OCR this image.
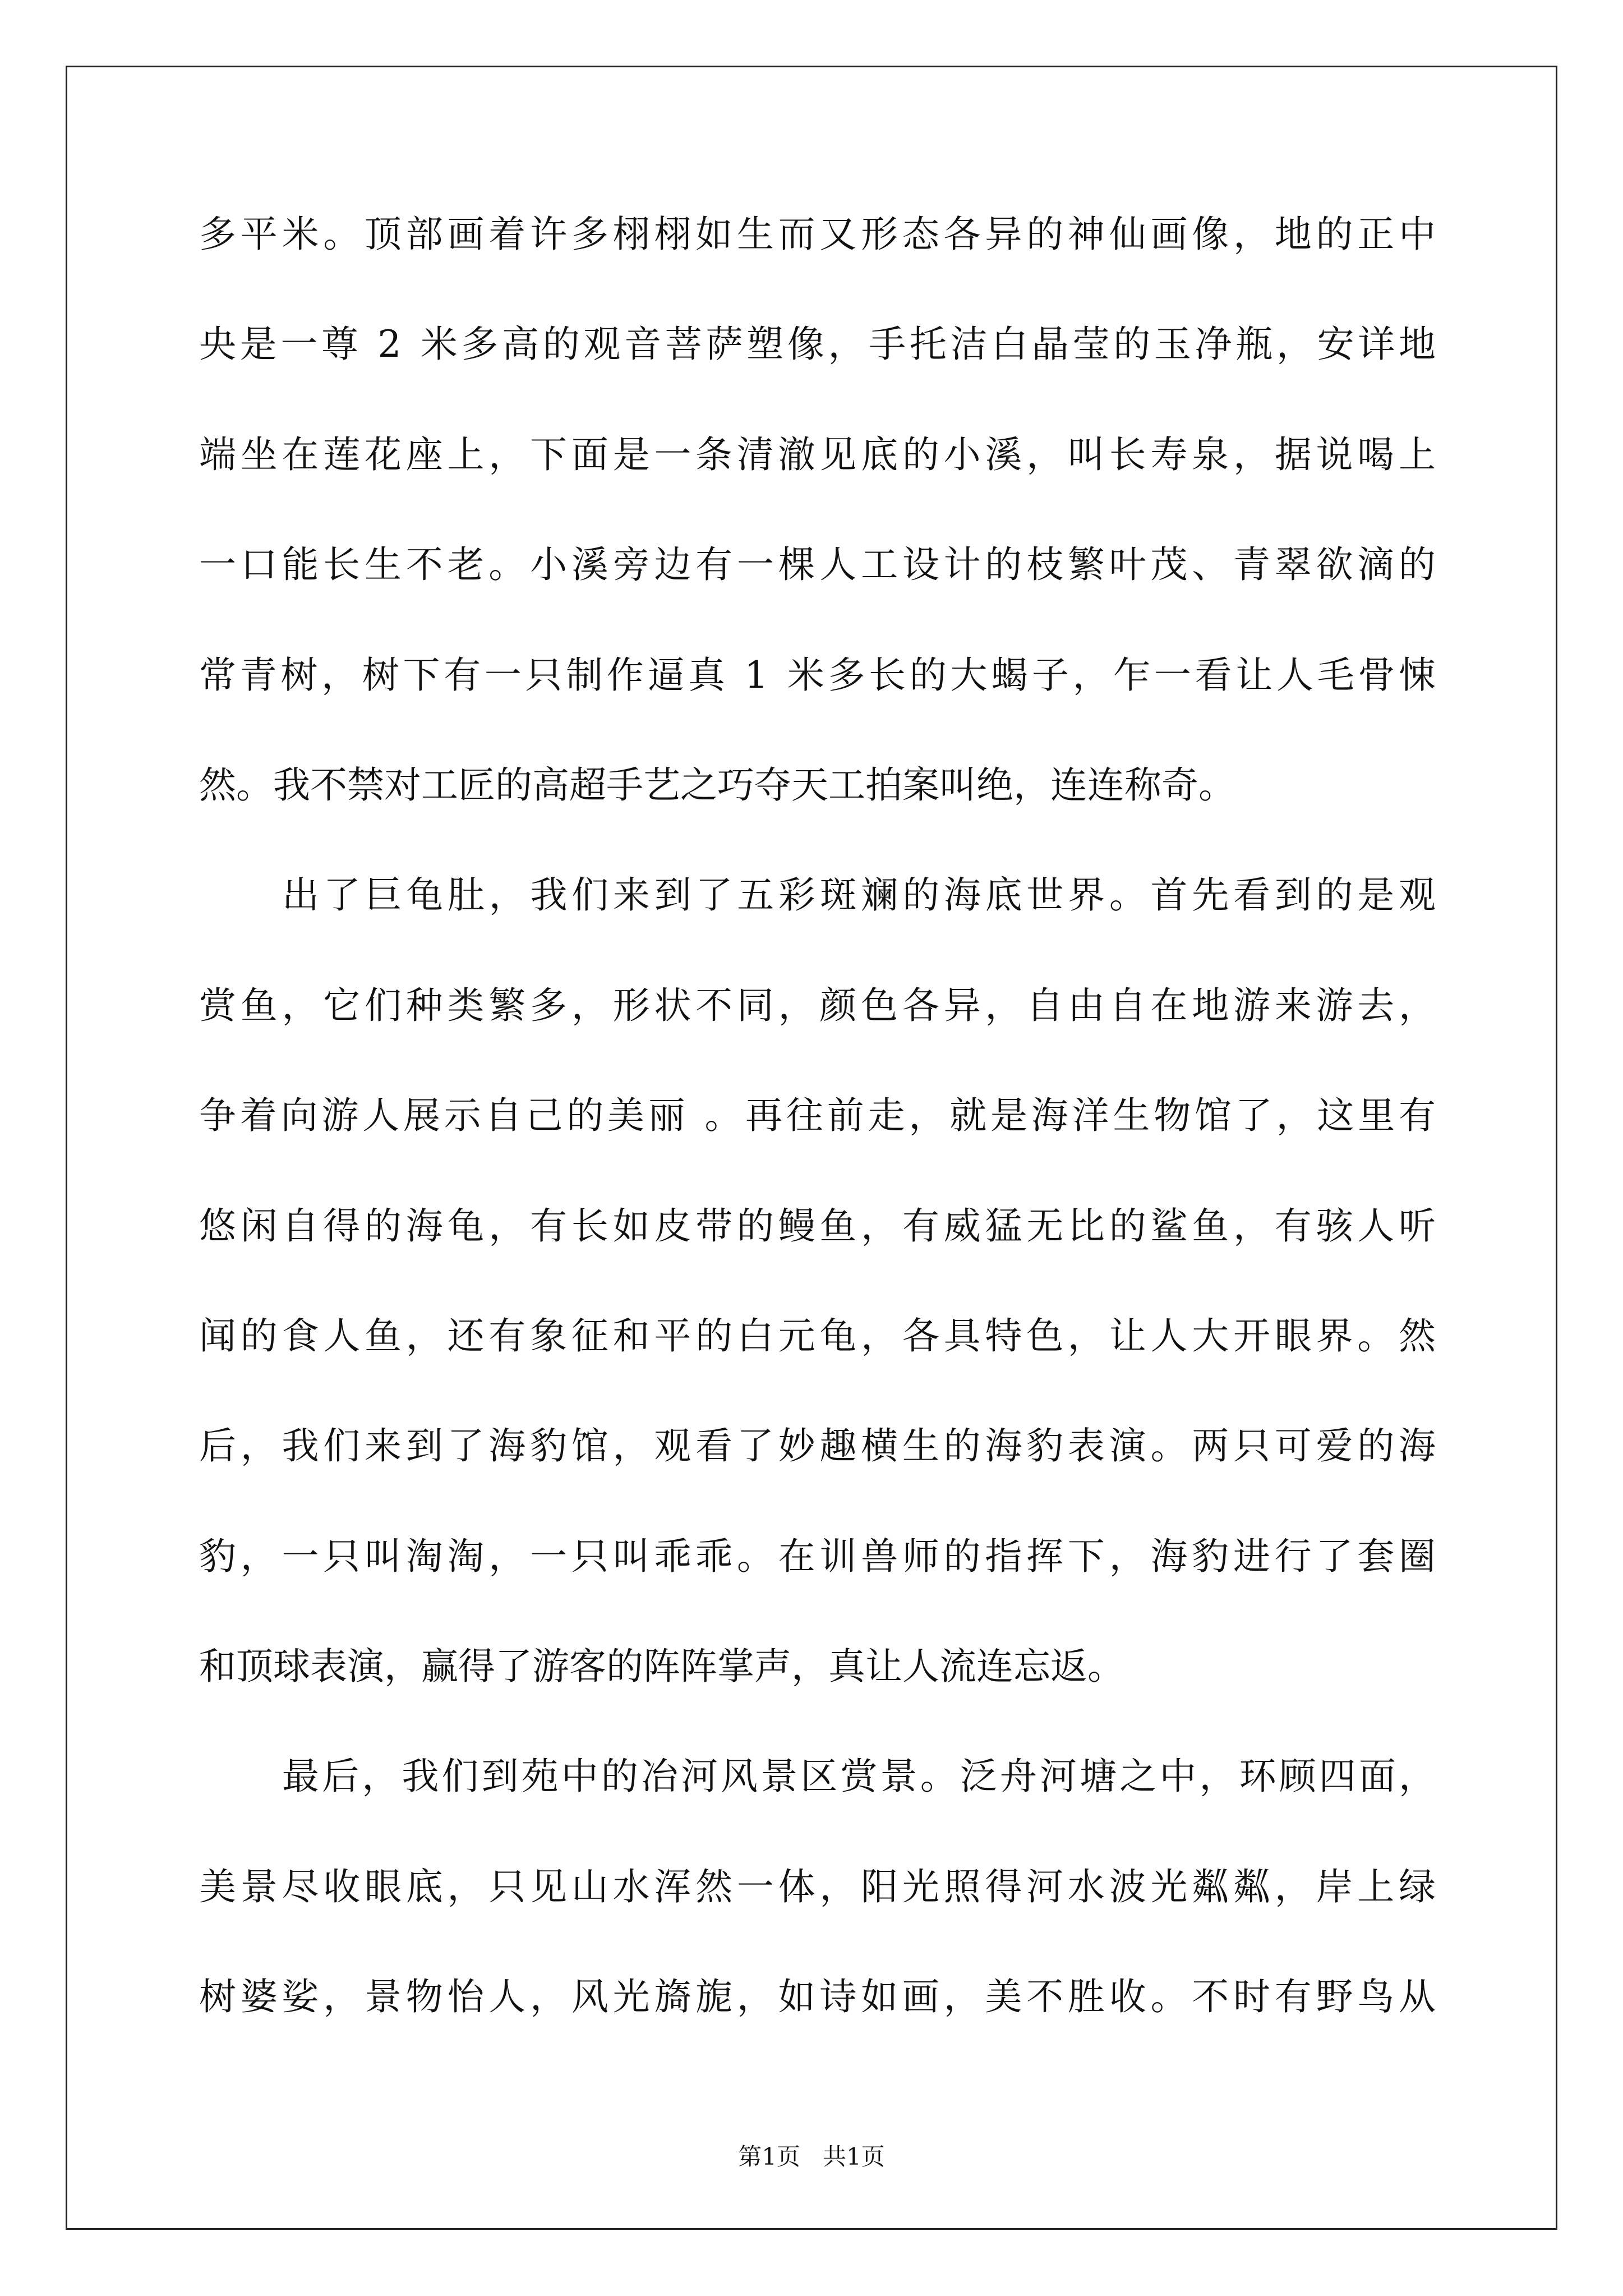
多平米。顶部画着许多栩栩如生而又形态各异的神仙画像，地的正中
央是一尊 2 米多高的观音菩萨塑像，手托洁白晶莹的玉净瓶，安详地
端坐在莲花座上，下面是一条清澈见底的小溪，叫长寿泉，据说喝上
一口能长生不老。小溪旁边有一棵人工设计的枝繁叶茂、青翠欲滴的
常青树，树下有一只制作逼真 1 米多长的大蝎子，乍一看让人毛骨悚
然。我不禁对工匠的高超手艺之巧夺天工拍案叫绝，连连称奇。
出了巨龟肚，我们来到了五彩斑斓的海底世界。首先看到的是观
赏鱼，它们种类繁多，形状不同，颜色各异，自由自在地游来游去，
争着向游人展示自己的美丽 。再往前走，就是海洋生物馆了，这里有
悠闲自得的海龟，有长如皮带的鳗鱼，有威猛无比的鲨鱼，有骇人听
闻的食人鱼，还有象征和平的白元龟，各具特色，让人大开眼界。然
后，我们来到了海豹馆，观看了妙趣横生的海豹表演。两只可爱的海
豹，一只叫淘淘，一只叫乖乖。在训兽师的指挥下，海豹进行了套圈
和顶球表演，赢得了游客的阵阵掌声，真让人流连忘返。
最后，我们到苑中的冶河风景区赏景。泛舟河塘之中，环顾四面，
美景尽收眼底，只见山水浑然一体，阳光照得河水波光粼粼，岸上绿
树婆娑，景物怡人，风光旖旎，如诗如画，美不胜收。不时有野鸟从
第1页   共1页
